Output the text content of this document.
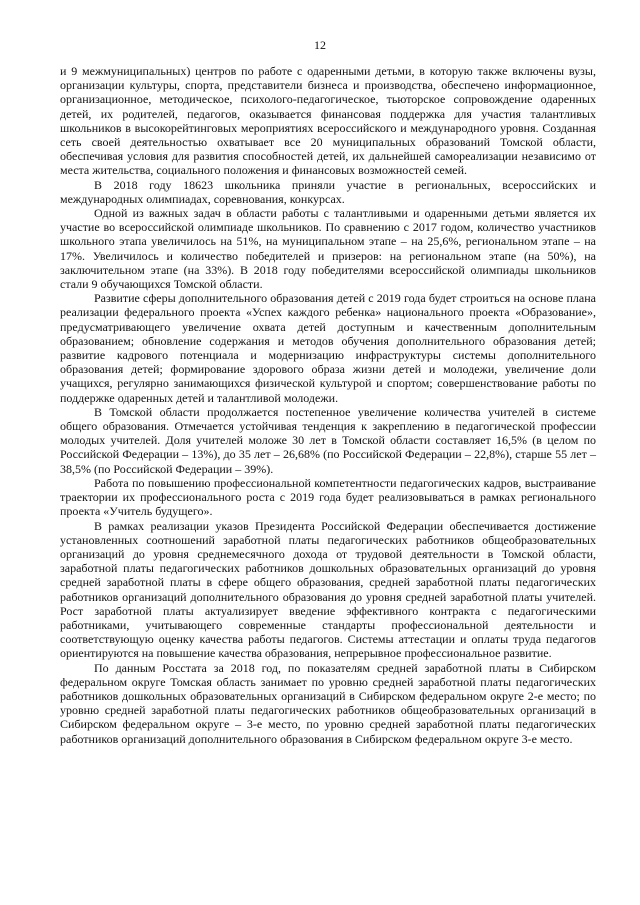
12

и 9 межмуниципальных) центров по работе с одаренными детьми, в которую также включены вузы, организации культуры, спорта, представители бизнеса и производства, обеспечено информационное, организационное, методическое, психолого-педагогическое, тьюторское сопровождение одаренных детей, их родителей, педагогов, оказывается финансовая поддержка для участия талантливых школьников в высокорейтинговых мероприятиях всероссийского и международного уровня. Созданная сеть своей деятельностью охватывает все 20 муниципальных образований Томской области, обеспечивая условия для развития способностей детей, их дальнейшей самореализации независимо от места жительства, социального положения и финансовых возможностей семей.

В 2018 году 18623 школьника приняли участие в региональных, всероссийских и международных олимпиадах, соревнования, конкурсах.

Одной из важных задач в области работы с талантливыми и одаренными детьми является их участие во всероссийской олимпиаде школьников. По сравнению с 2017 годом, количество участников школьного этапа увеличилось на 51%, на муниципальном этапе – на 25,6%, региональном этапе – на 17%. Увеличилось и количество победителей и призеров: на региональном этапе (на 50%), на заключительном этапе (на 33%). В 2018 году победителями всероссийской олимпиады школьников стали 9 обучающихся Томской области.

Развитие сферы дополнительного образования детей с 2019 года будет строиться на основе плана реализации федерального проекта «Успех каждого ребенка» национального проекта «Образование», предусматривающего увеличение охвата детей доступным и качественным дополнительным образованием; обновление содержания и методов обучения дополнительного образования детей; развитие кадрового потенциала и модернизацию инфраструктуры системы дополнительного образования детей; формирование здорового образа жизни детей и молодежи, увеличение доли учащихся, регулярно занимающихся физической культурой и спортом; совершенствование работы по поддержке одаренных детей и талантливой молодежи.

В Томской области продолжается постепенное увеличение количества учителей в системе общего образования. Отмечается устойчивая тенденция к закреплению в педагогической профессии молодых учителей. Доля учителей моложе 30 лет в Томской области составляет 16,5% (в целом по Российской Федерации – 13%), до 35 лет – 26,68% (по Российской Федерации – 22,8%), старше 55 лет – 38,5% (по Российской Федерации – 39%).

Работа по повышению профессиональной компетентности педагогических кадров, выстраивание траектории их профессионального роста с 2019 года будет реализовываться в рамках регионального проекта «Учитель будущего».

В рамках реализации указов Президента Российской Федерации обеспечивается достижение установленных соотношений заработной платы педагогических работников общеобразовательных организаций до уровня среднемесячного дохода от трудовой деятельности в Томской области, заработной платы педагогических работников дошкольных образовательных организаций до уровня средней заработной платы в сфере общего образования, средней заработной платы педагогических работников организаций дополнительного образования до уровня средней заработной платы учителей. Рост заработной платы актуализирует введение эффективного контракта с педагогическими работниками, учитывающего современные стандарты профессиональной деятельности и соответствующую оценку качества работы педагогов. Системы аттестации и оплаты труда педагогов ориентируются на повышение качества образования, непрерывное профессиональное развитие.

По данным Росстата за 2018 год, по показателям средней заработной платы в Сибирском федеральном округе Томская область занимает по уровню средней заработной платы педагогических работников дошкольных образовательных организаций в Сибирском федеральном округе 2-е место; по уровню средней заработной платы педагогических работников общеобразовательных организаций в Сибирском федеральном округе – 3-е место, по уровню средней заработной платы педагогических работников организаций дополнительного образования в Сибирском федеральном округе 3-е место.
